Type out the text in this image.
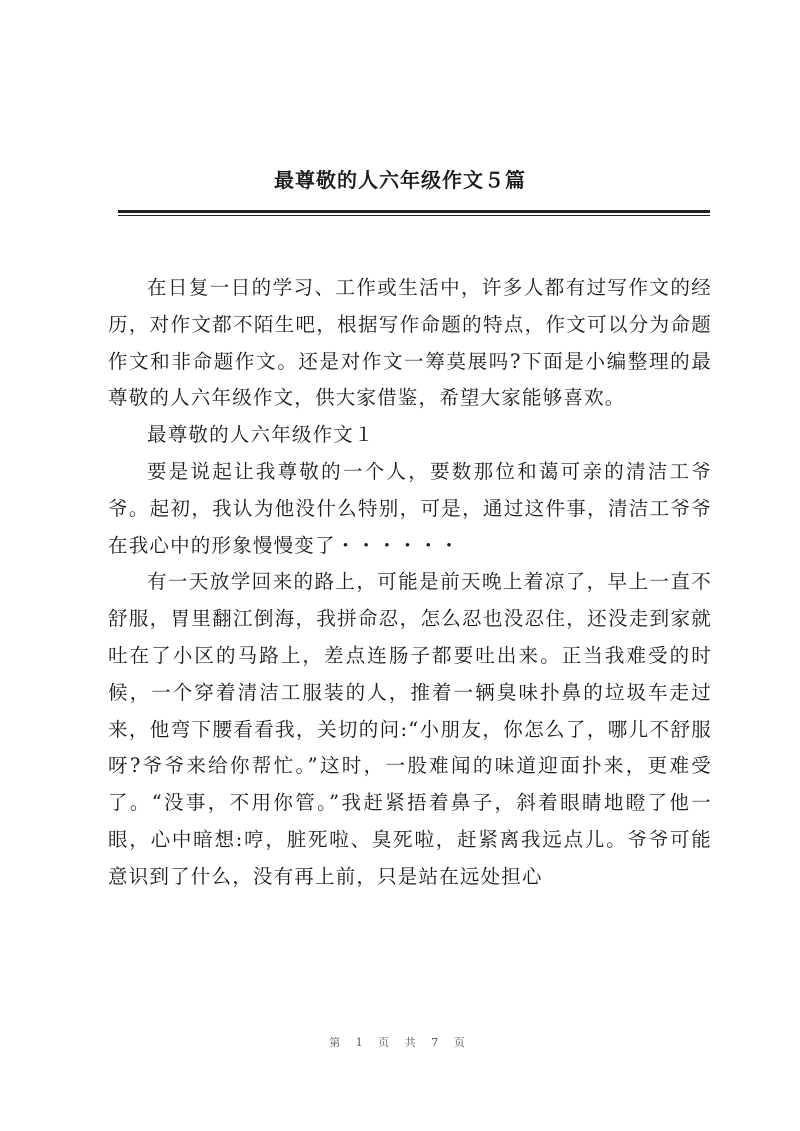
最尊敬的人六年级作文５篇

在日复一日的学习、工作或生活中，许多人都有过写作文的经历，对作文都不陌生吧，根据写作命题的特点，作文可以分为命题作文和非命题作文。还是对作文一筹莫展吗?下面是小编整理的最尊敬的人六年级作文，供大家借鉴，希望大家能够喜欢。

最尊敬的人六年级作文１

要是说起让我尊敬的一个人，要数那位和蔼可亲的清洁工爷爷。起初，我认为他没什么特别，可是，通过这件事，清洁工爷爷在我心中的形象慢慢变了・・・・・・

有一天放学回来的路上，可能是前天晚上着凉了，早上一直不舒服，胃里翻江倒海，我拼命忍，怎么忍也没忍住，还没走到家就吐在了小区的马路上，差点连肠子都要吐出来。正当我难受的时候，一个穿着清洁工服装的人，推着一辆臭味扑鼻的垃圾车走过来，他弯下腰看看我，关切的问:“小朋友，你怎么了，哪儿不舒服呀?爷爷来给你帮忙。”这时，一股难闻的味道迎面扑来，更难受了。“没事，不用你管。”我赶紧捂着鼻子，斜着眼睛地瞪了他一眼，心中暗想:哼，脏死啦、臭死啦，赶紧离我远点儿。爷爷可能意识到了什么，没有再上前，只是站在远处担心

第 1 页 共 7 页
